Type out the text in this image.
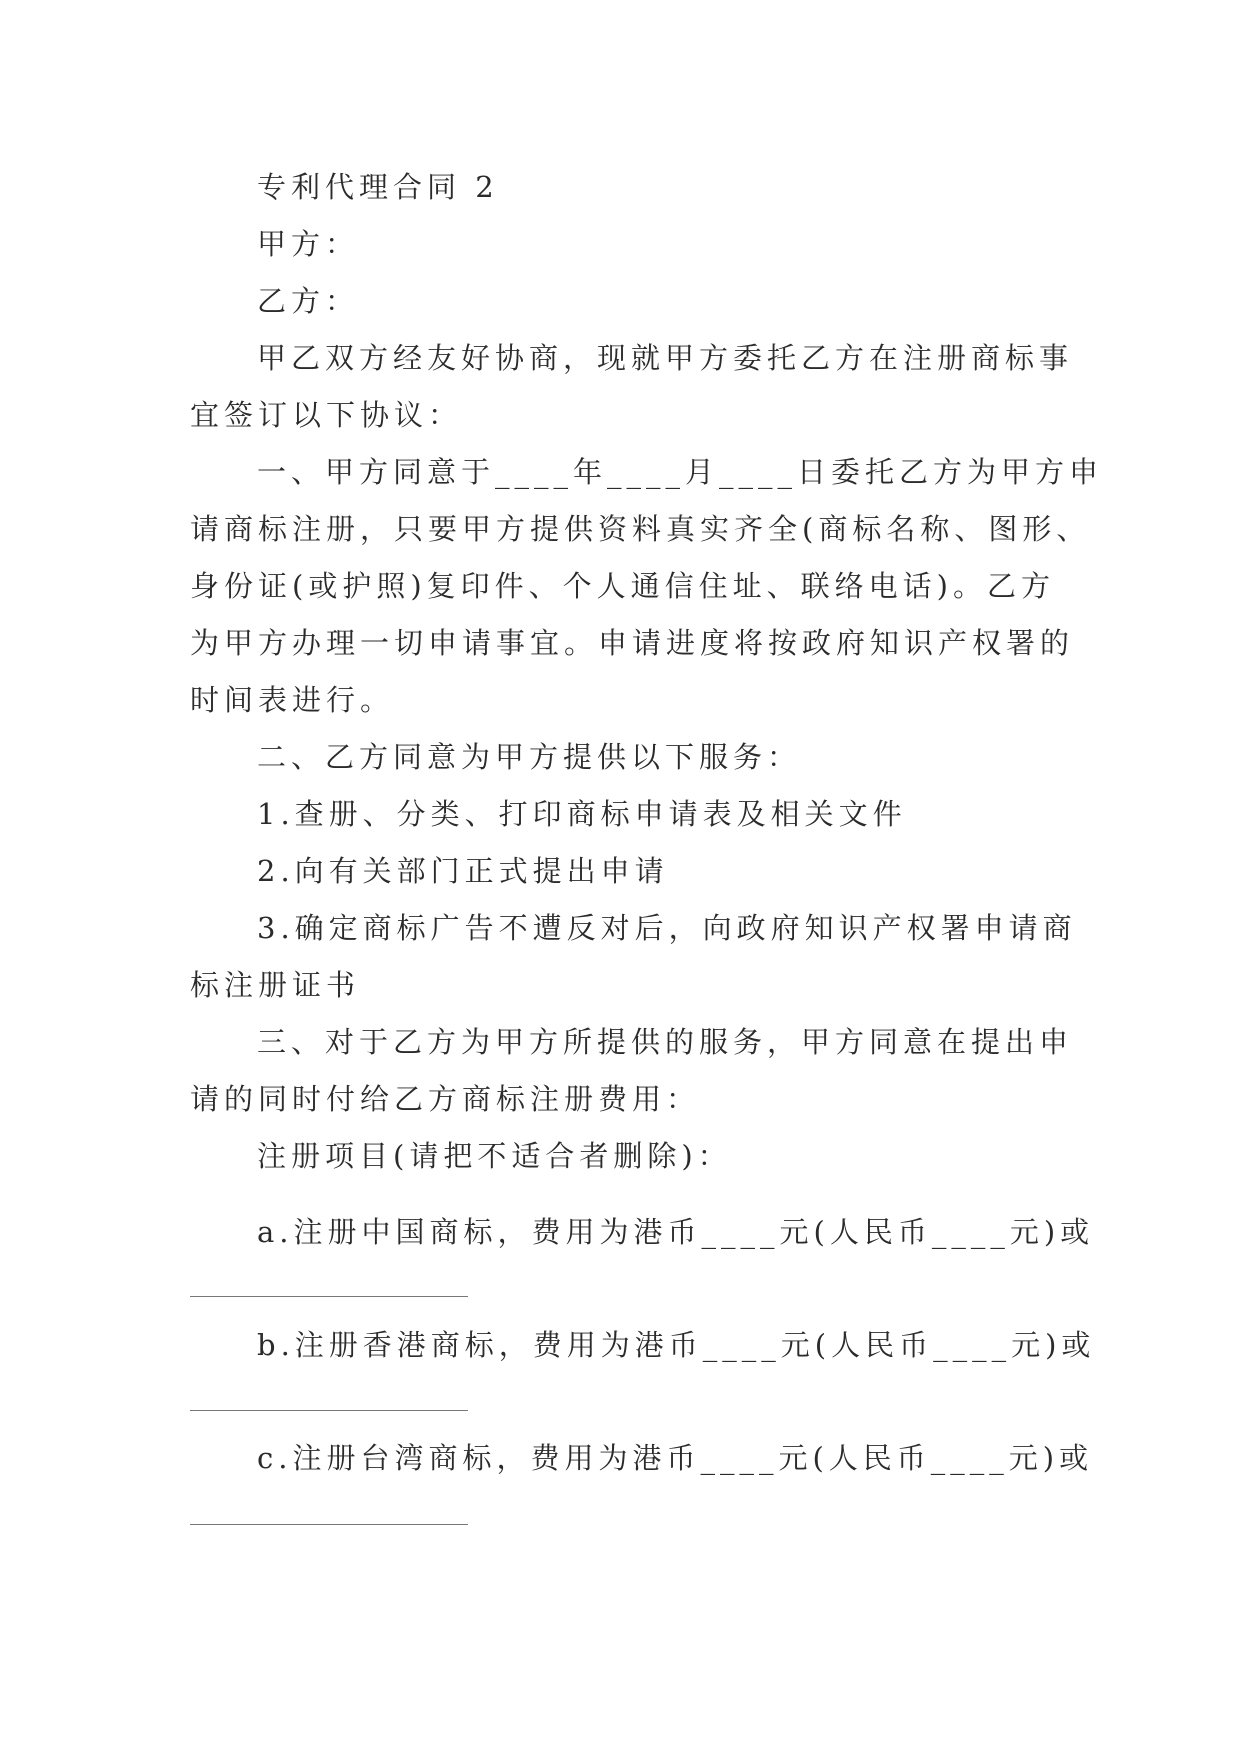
专利代理合同 2
甲方：
乙方：
甲乙双方经友好协商，现就甲方委托乙方在注册商标事
宜签订以下协议：
一、甲方同意于____年____月____日委托乙方为甲方申
请商标注册，只要甲方提供资料真实齐全(商标名称、图形、
身份证(或护照)复印件、个人通信住址、联络电话)。乙方
为甲方办理一切申请事宜。申请进度将按政府知识产权署的
时间表进行。
二、乙方同意为甲方提供以下服务：
1.查册、分类、打印商标申请表及相关文件
2.向有关部门正式提出申请
3.确定商标广告不遭反对后，向政府知识产权署申请商
标注册证书
三、对于乙方为甲方所提供的服务，甲方同意在提出申
请的同时付给乙方商标注册费用：
注册项目(请把不适合者删除)：
a.注册中国商标，费用为港币____元(人民币____元)或
b.注册香港商标，费用为港币____元(人民币____元)或
c.注册台湾商标，费用为港币____元(人民币____元)或
